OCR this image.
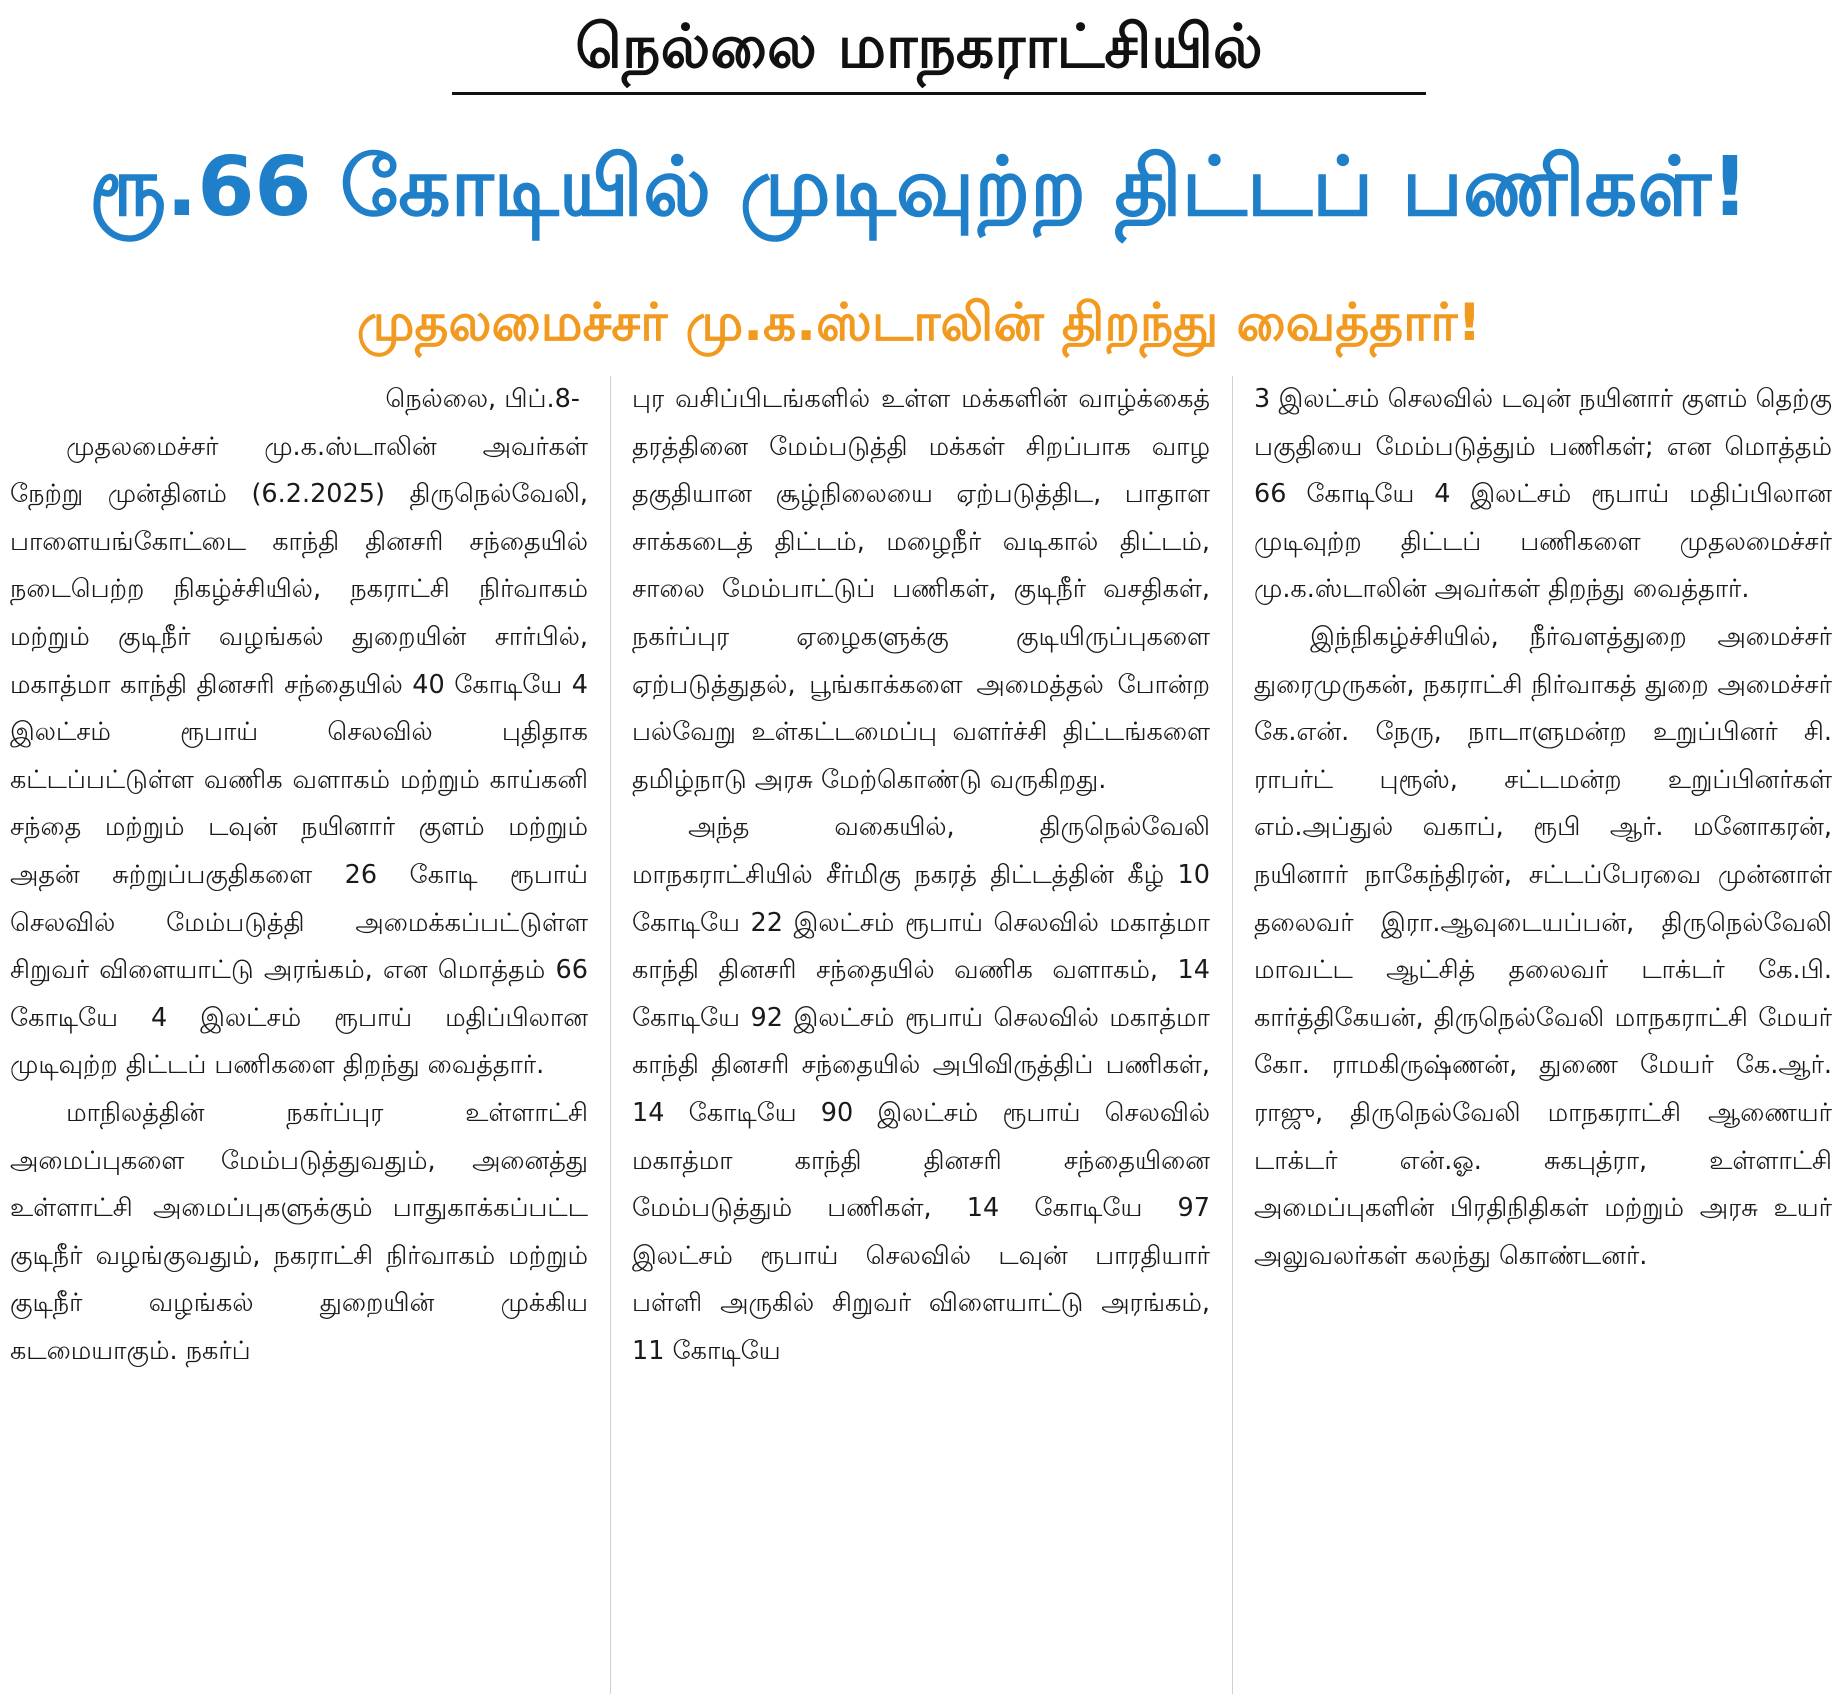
நெல்லை மாநகராட்சியில்
ரூ.66 கோடியில் முடிவுற்ற திட்டப் பணிகள்!
முதலமைச்சர் மு.க.ஸ்டாலின் திறந்து வைத்தார்!

நெல்லை, பிப்.8-

முதலமைச்சர் மு.க.ஸ்டாலின் அவர்கள் நேற்று முன்தினம் (6.2.2025) திருநெல்வேலி, பாளையங்கோட்டை காந்தி தினசரி சந்தையில் நடைபெற்ற நிகழ்ச்சியில், நகராட்சி நிர்வாகம் மற்றும் குடிநீர் வழங்கல் துறையின் சார்பில், மகாத்மா காந்தி தினசரி சந்தையில் 40 கோடியே 4 இலட்சம் ரூபாய் செலவில் புதிதாக கட்டப்பட்டுள்ள வணிக வளாகம் மற்றும் காய்கனி சந்தை மற்றும் டவுன் நயினார் குளம் மற்றும் அதன் சுற்றுப்பகுதிகளை 26 கோடி ரூபாய் செலவில் மேம்படுத்தி அமைக்கப்பட்டுள்ள சிறுவர் விளையாட்டு அரங்கம், என மொத்தம் 66 கோடியே 4 இலட்சம் ரூபாய் மதிப்பிலான முடிவுற்ற திட்டப் பணிகளை திறந்து வைத்தார்.

மாநிலத்தின் நகர்ப்புர உள்ளாட்சி அமைப்புகளை மேம்படுத்துவதும், அனைத்து உள்ளாட்சி அமைப்புகளுக்கும் பாதுகாக்கப்பட்ட குடிநீர் வழங்குவதும், நகராட்சி நிர்வாகம் மற்றும் குடிநீர் வழங்கல் துறையின் முக்கிய கடமையாகும். நகர்ப்

புர வசிப்பிடங்களில் உள்ள மக்களின் வாழ்க்கைத் தரத்தினை மேம்படுத்தி மக்கள் சிறப்பாக வாழ தகுதியான சூழ்நிலையை ஏற்படுத்திட, பாதாள சாக்கடைத் திட்டம், மழைநீர் வடிகால் திட்டம், சாலை மேம்பாட்டுப் பணிகள், குடிநீர் வசதிகள், நகர்ப்புர ஏழைகளுக்கு குடியிருப்புகளை ஏற்படுத்துதல், பூங்காக்களை அமைத்தல் போன்ற பல்வேறு உள்கட்டமைப்பு வளர்ச்சி திட்டங்களை தமிழ்நாடு அரசு மேற்கொண்டு வருகிறது.

அந்த வகையில், திருநெல்வேலி மாநகராட்சியில் சீர்மிகு நகரத் திட்டத்தின் கீழ் 10 கோடியே 22 இலட்சம் ரூபாய் செலவில் மகாத்மா காந்தி தினசரி சந்தையில் வணிக வளாகம், 14 கோடியே 92 இலட்சம் ரூபாய் செலவில் மகாத்மா காந்தி தினசரி சந்தையில் அபிவிருத்திப் பணிகள், 14 கோடியே 90 இலட்சம் ரூபாய் செலவில் மகாத்மா காந்தி தினசரி சந்தையினை மேம்படுத்தும் பணிகள், 14 கோடியே 97 இலட்சம் ரூபாய் செலவில் டவுன் பாரதியார் பள்ளி அருகில் சிறுவர் விளையாட்டு அரங்கம், 11 கோடியே

3 இலட்சம் செலவில் டவுன் நயினார் குளம் தெற்கு பகுதியை மேம்படுத்தும் பணிகள்; என மொத்தம் 66 கோடியே 4 இலட்சம் ரூபாய் மதிப்பிலான முடிவுற்ற திட்டப் பணிகளை முதலமைச்சர் மு.க.ஸ்டாலின் அவர்கள் திறந்து வைத்தார்.

இந்நிகழ்ச்சியில், நீர்வளத்துறை அமைச்சர் துரைமுருகன், நகராட்சி நிர்வாகத் துறை அமைச்சர் கே.என். நேரு, நாடாளுமன்ற உறுப்பினர் சி. ராபர்ட் புரூஸ், சட்டமன்ற உறுப்பினர்கள் எம்.அப்துல் வகாப், ரூபி ஆர். மனோகரன், நயினார் நாகேந்திரன், சட்டப்பேரவை முன்னாள் தலைவர் இரா.ஆவுடையப்பன், திருநெல்வேலி மாவட்ட ஆட்சித் தலைவர் டாக்டர் கே.பி. கார்த்திகேயன், திருநெல்வேலி மாநகராட்சி மேயர் கோ. ராமகிருஷ்ணன், துணை மேயர் கே.ஆர். ராஜு, திருநெல்வேலி மாநகராட்சி ஆணையர் டாக்டர் என்.ஓ. சுகபுத்ரா, உள்ளாட்சி அமைப்புகளின் பிரதிநிதிகள் மற்றும் அரசு உயர் அலுவலர்கள் கலந்து கொண்டனர்.
